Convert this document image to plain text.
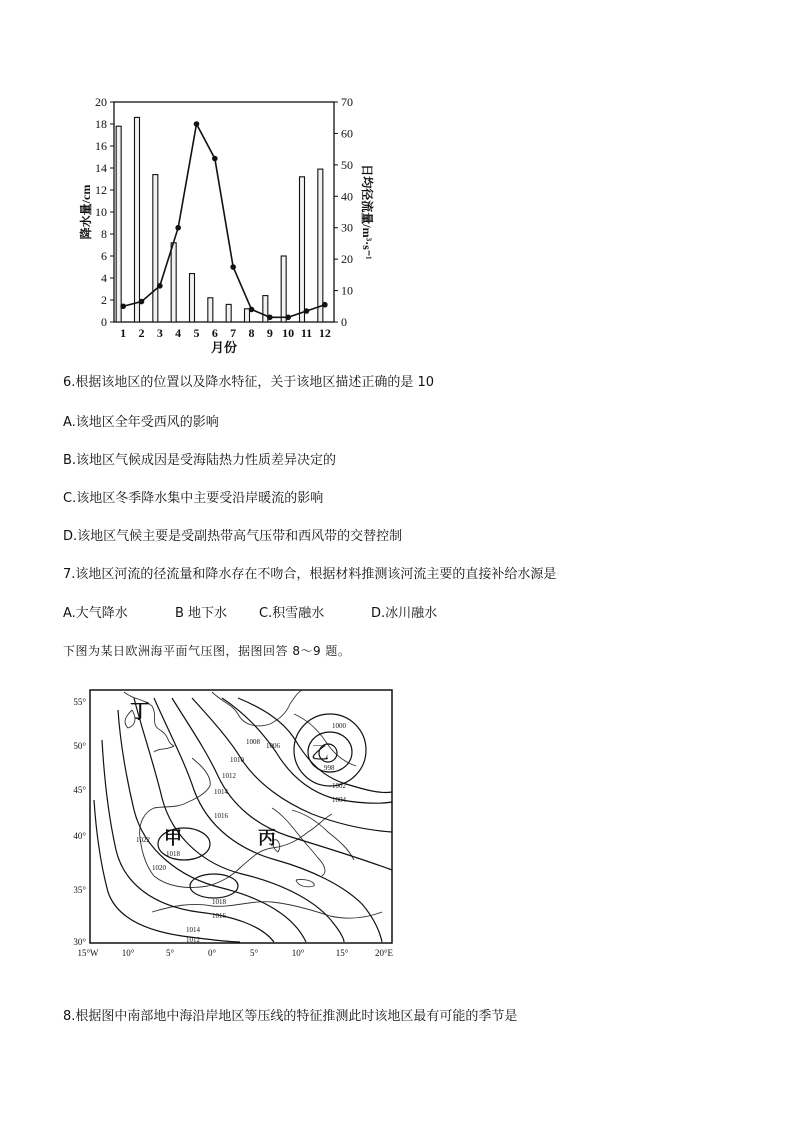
0
2
4
6
8
10
12
14
16
18
20
0
10
20
30
40
50
60
70
1 2 3 4 5 6 7 8 9 10 11 12
月份
降水量/cm	日均径流量/m³·s⁻¹
6.根据该地区的位置以及降水特征，关于该地区描述正确的是 10
A.该地区全年受西风的影响
B.该地区气候成因是受海陆热力性质差异决定的
C.该地区冬季降水集中主要受沿岸暖流的影响
D.该地区气候主要是受副热带高气压带和西风带的交替控制
7.该地区河流的径流量和降水存在不吻合，根据材料推测该河流主要的直接补给水源是
A.大气降水	B 地下水 C.积雪融水	D.冰川融水
下图为某日欧洲海平面气压图，据图回答 8～9 题。
55°
50°
45°
40°
35°
30°
15°W	10°	5°	0°	5°	10°	15°	20°E
1000
998
1002
1004
1006
1008
1010
1012
1014
1016
1018
1018
1020
1022
1016
1014
1012
丁
甲
乙
丙
8.根据图中南部地中海沿岸地区等压线的特征推测此时该地区最有可能的季节是
